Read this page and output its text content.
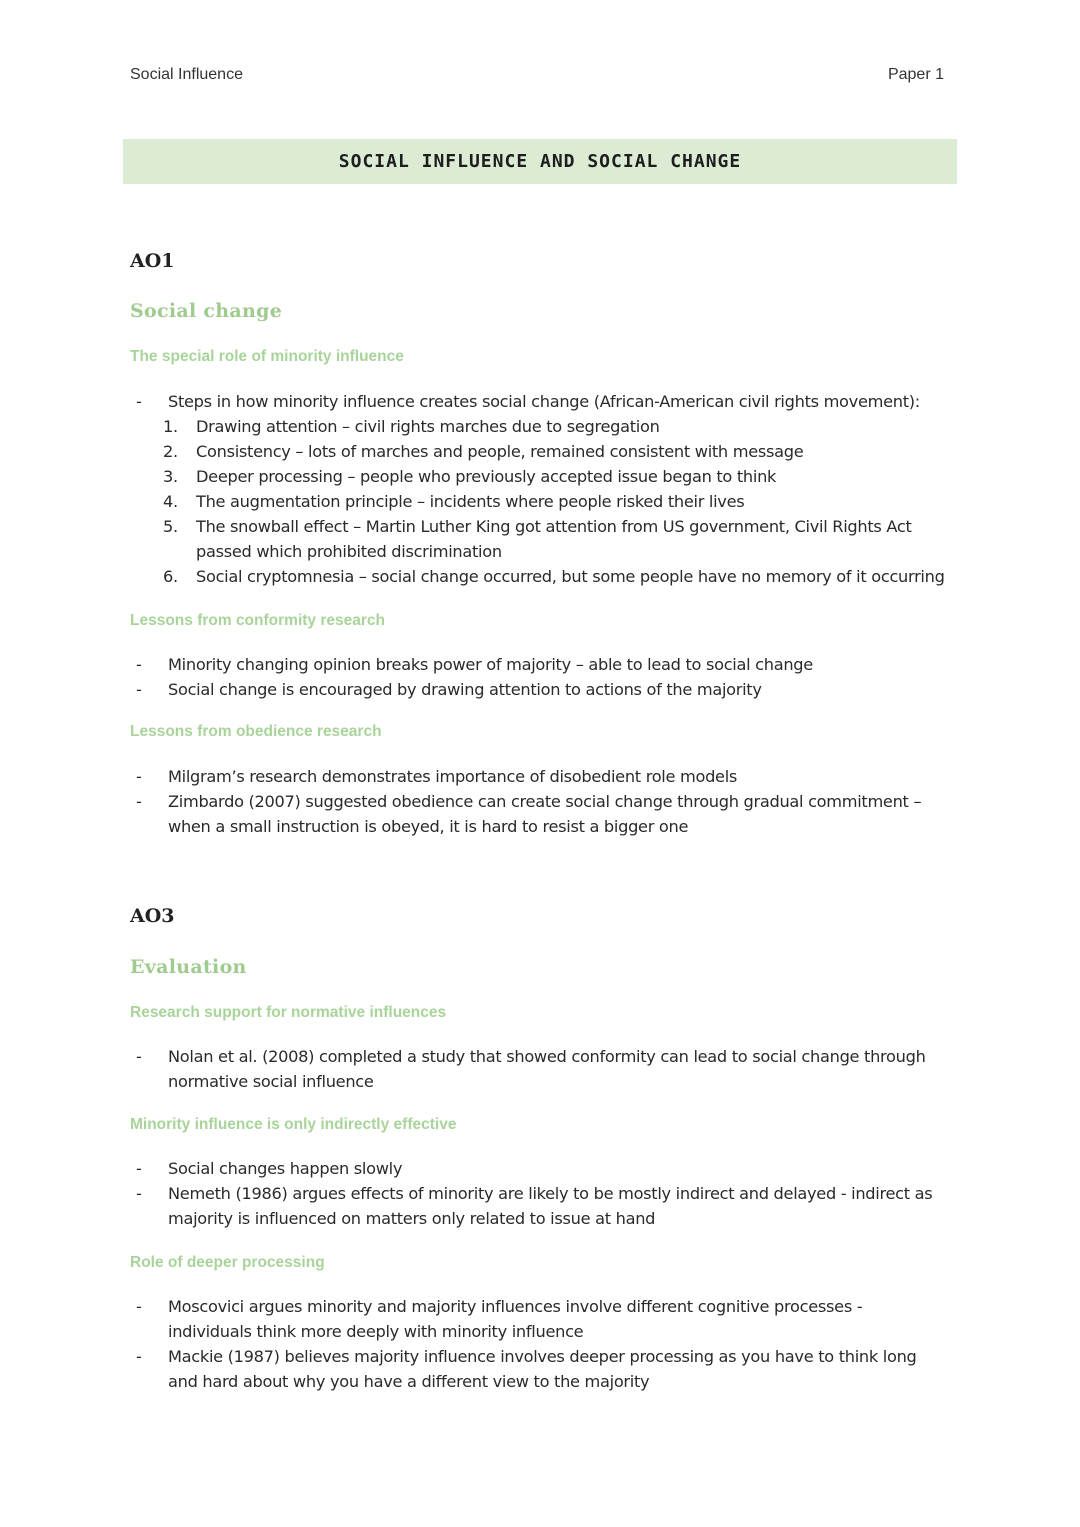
Social Influence	Paper 1
SOCIAL INFLUENCE AND SOCIAL CHANGE
AO1
Social change
The special role of minority influence
-	Steps in how minority influence creates social change (African-American civil rights movement):
1.	Drawing attention – civil rights marches due to segregation
2.	Consistency – lots of marches and people, remained consistent with message
3.	Deeper processing – people who previously accepted issue began to think
4.	The augmentation principle – incidents where people risked their lives
5.	The snowball effect – Martin Luther King got attention from US government, Civil Rights Act passed which prohibited discrimination
6.	Social cryptomnesia – social change occurred, but some people have no memory of it occurring
Lessons from conformity research
-	Minority changing opinion breaks power of majority – able to lead to social change
-	Social change is encouraged by drawing attention to actions of the majority
Lessons from obedience research
-	Milgram’s research demonstrates importance of disobedient role models
-	Zimbardo (2007) suggested obedience can create social change through gradual commitment – when a small instruction is obeyed, it is hard to resist a bigger one
AO3
Evaluation
Research support for normative influences
-	Nolan et al. (2008) completed a study that showed conformity can lead to social change through normative social influence
Minority influence is only indirectly effective
-	Social changes happen slowly
-	Nemeth (1986) argues effects of minority are likely to be mostly indirect and delayed - indirect as majority is influenced on matters only related to issue at hand
Role of deeper processing
-	Moscovici argues minority and majority influences involve different cognitive processes - individuals think more deeply with minority influence
-	Mackie (1987) believes majority influence involves deeper processing as you have to think long and hard about why you have a different view to the majority
